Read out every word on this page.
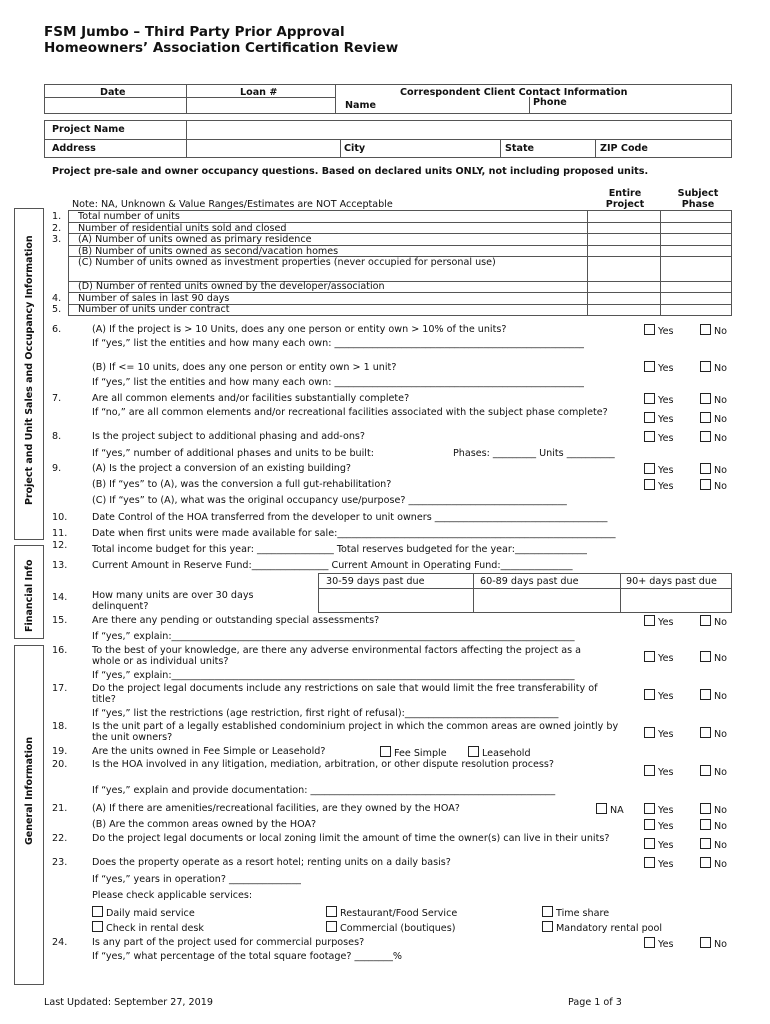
FSM Jumbo – Third Party Prior Approval
Homeowners’ Association Certification Review
Date	Loan #	Correspondent Client Contact Information
Name	Phone
Project Name
Address	City	State	ZIP Code
Project and Unit Sales and Occupancy Information
Financial Info
General Information
Project pre-sale and owner occupancy questions. Based on declared units ONLY, not including proposed units.
Note: NA, Unknown & Value Ranges/Estimates are NOT Acceptable
Entire Project
Subject Phase
1. Total number of units
2. Number of residential units sold and closed
3. (A) Number of units owned as primary residence
(B) Number of units owned as second/vacation homes
(C) Number of units owned as investment properties (never occupied for personal use)
(D) Number of rented units owned by the developer/association
4. Number of sales in last 90 days
5. Number of units under contract
6.	(A) If the project is > 10 Units, does any one person or entity own > 10% of the units?	Yes	No
If “yes,” list the entities and how many each own: ____________________________________________________
(B) If <= 10 units, does any one person or entity own > 1 unit?	Yes	No
If “yes,” list the entities and how many each own: ____________________________________________________
7.	Are all common elements and/or facilities substantially complete?	Yes	No
If “no,” are all common elements and/or recreational facilities associated with the subject phase complete?
Yes	No
8.	Is the project subject to additional phasing and add-ons?	Yes	No
If “yes,” number of additional phases and units to be built:	Phases: _________ Units __________
9.	(A) Is the project a conversion of an existing building?	Yes	No
(B) If “yes” to (A), was the conversion a full gut-rehabilitation?	Yes	No
(C) If “yes” to (A), what was the original occupancy use/purpose? _________________________________
10.	Date Control of the HOA transferred from the developer to unit owners ____________________________________
11.	Date when first units were made available for sale:__________________________________________________________
12.	Total income budget for this year: ________________ Total reserves budgeted for the year:_______________
13.	Current Amount in Reserve Fund:________________ Current Amount in Operating Fund:_______________
30-59 days past due	60-89 days past due	90+ days past due
14.	How many units are over 30 days delinquent?
15.	Are there any pending or outstanding special assessments?	Yes	No
If “yes,” explain:____________________________________________________________________________________
16.	To the best of your knowledge, are there any adverse environmental factors affecting the project as a whole or as individual units?	Yes	No
If “yes,” explain:____________________________________________________________________________________
17.	Do the project legal documents include any restrictions on sale that would limit the free transferability of title?	Yes	No
If “yes,” list the restrictions (age restriction, first right of refusal):________________________________
18.	Is the unit part of a legally established condominium project in which the common areas are owned jointly by the unit owners?	Yes	No
19.	Are the units owned in Fee Simple or Leasehold?	Fee Simple	Leasehold
20.	Is the HOA involved in any litigation, mediation, arbitration, or other dispute resolution process?
Yes	No
If “yes,” explain and provide documentation: ___________________________________________________
21.	(A) If there are amenities/recreational facilities, are they owned by the HOA?	NA	Yes	No
(B) Are the common areas owned by the HOA?	Yes	No
22.	Do the project legal documents or local zoning limit the amount of time the owner(s) can live in their units?
Yes	No
23.	Does the property operate as a resort hotel; renting units on a daily basis?	Yes	No
If “yes,” years in operation? _______________
Please check applicable services:
Daily maid service	Restaurant/Food Service	Time share
Check in rental desk	Commercial (boutiques)	Mandatory rental pool
24.	Is any part of the project used for commercial purposes?	Yes	No
If “yes,” what percentage of the total square footage? ________%
Last Updated: September 27, 2019	Page 1 of 3
